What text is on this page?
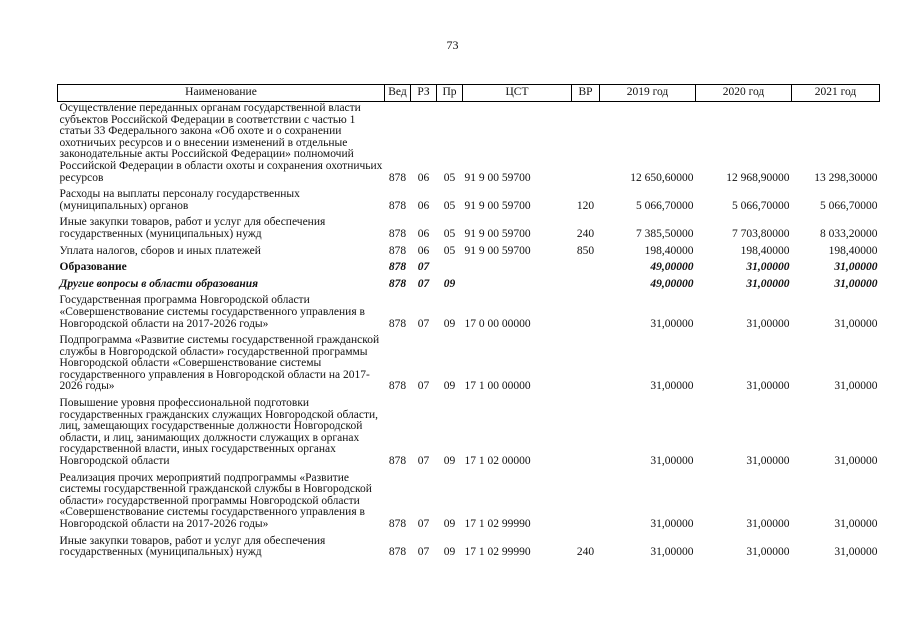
73
Наименование	Вед	РЗ	Пр	ЦСТ	ВР	2019 год	2020 год	2021 год
Осуществление переданных органам государственной власти субъектов Российской Федерации в соответствии с частью 1 статьи 33 Федерального закона «Об охоте и о сохранении охотничьих ресурсов и о внесении изменений в отдельные законодательные акты Российской Федерации» полномочий Российской Федерации в области охоты и сохранения охотничьих ресурсов	878	06	05	91 9 00 59700		12 650,60000	12 968,90000	13 298,30000
Расходы на выплаты персоналу государственных (муниципальных) органов	878	06	05	91 9 00 59700	120	5 066,70000	5 066,70000	5 066,70000
Иные закупки товаров, работ и услуг для обеспечения государственных (муниципальных) нужд	878	06	05	91 9 00 59700	240	7 385,50000	7 703,80000	8 033,20000
Уплата налогов, сборов и иных платежей	878	06	05	91 9 00 59700	850	198,40000	198,40000	198,40000
Образование	878	07				49,00000	31,00000	31,00000
Другие вопросы в области образования	878	07	09			49,00000	31,00000	31,00000
Государственная программа Новгородской области «Совершенствование системы государственного управления в Новгородской области на 2017-2026 годы»	878	07	09	17 0 00 00000		31,00000	31,00000	31,00000
Подпрограмма «Развитие системы государственной гражданской службы в Новгородской области» государственной программы Новгородской области «Совершенствование системы государственного управления в Новгородской области на 2017-2026 годы»	878	07	09	17 1 00 00000		31,00000	31,00000	31,00000
Повышение уровня профессиональной подготовки государственных гражданских служащих Новгородской области, лиц, замещающих государственные должности Новгородской области, и лиц, занимающих должности служащих в органах государственной власти, иных государственных органах Новгородской области	878	07	09	17 1 02 00000		31,00000	31,00000	31,00000
Реализация прочих мероприятий подпрограммы «Развитие системы государственной гражданской службы в Новгородской области» государственной программы Новгородской области «Совершенствование системы государственного управления в Новгородской области на 2017-2026 годы»	878	07	09	17 1 02 99990		31,00000	31,00000	31,00000
Иные закупки товаров, работ и услуг для обеспечения государственных (муниципальных) нужд	878	07	09	17 1 02 99990	240	31,00000	31,00000	31,00000
